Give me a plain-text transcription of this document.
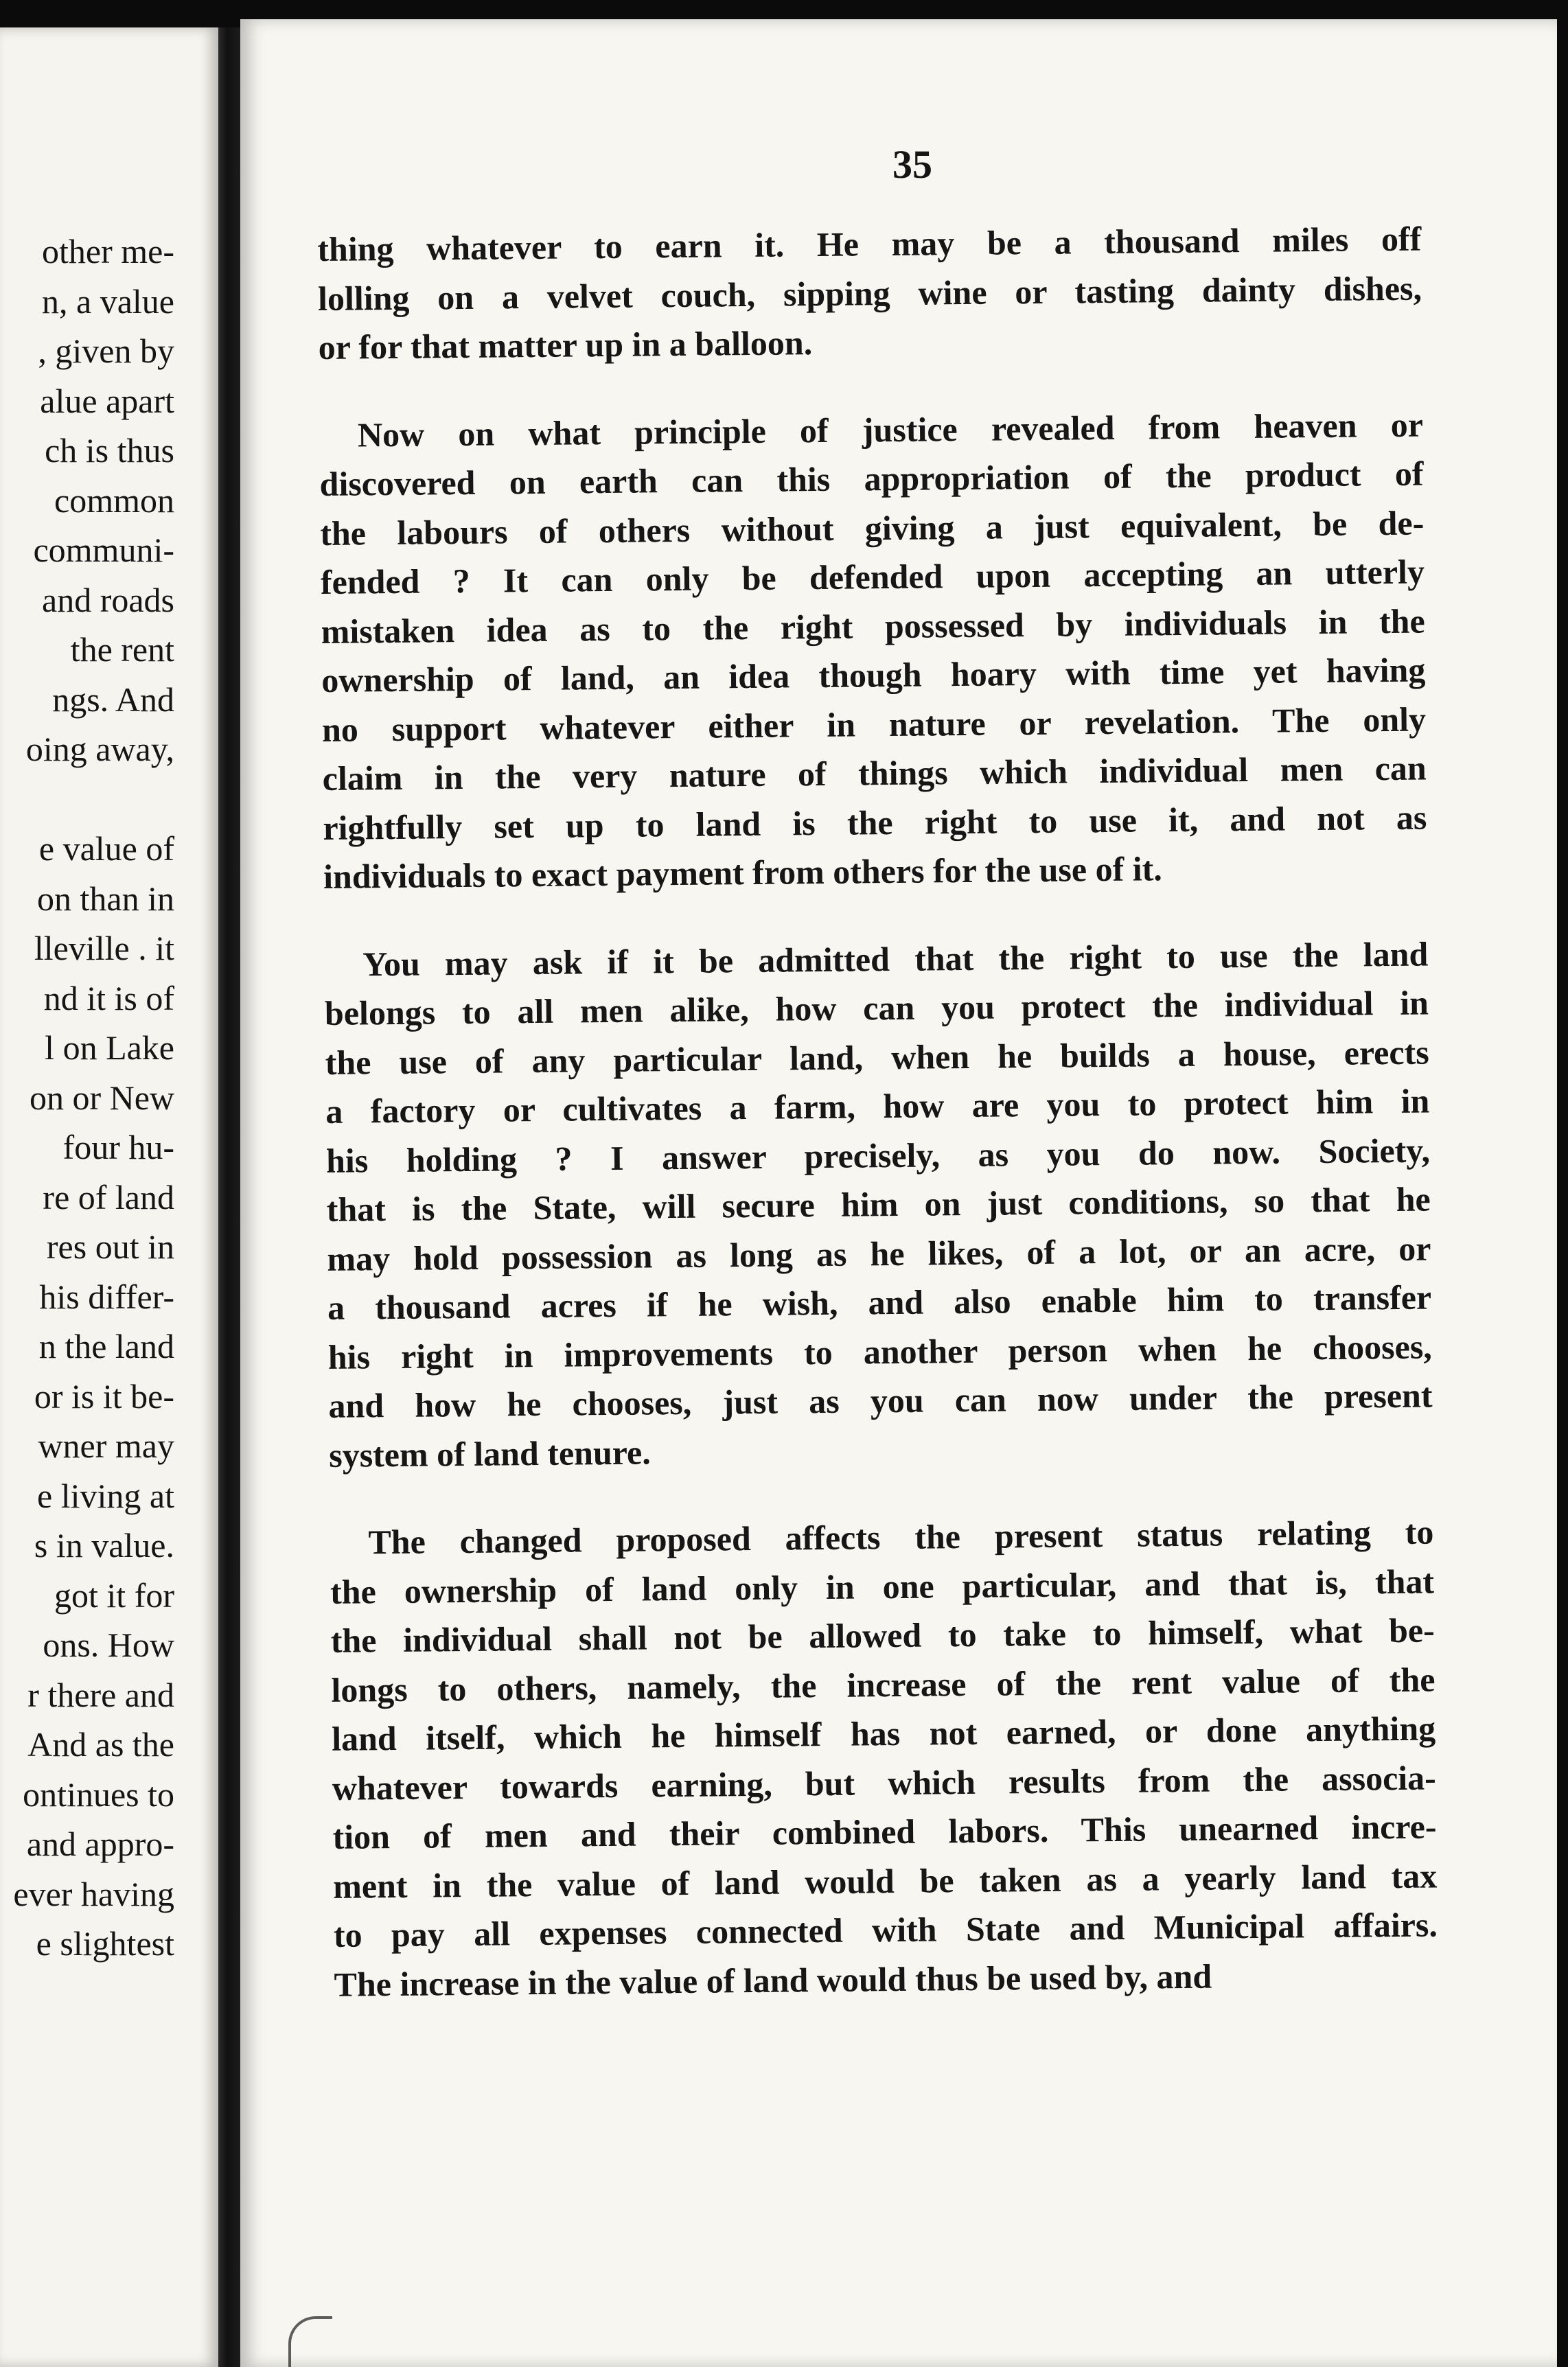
other me-
n, a value
, given by
alue apart
ch is thus
common
communi-
and roads
the rent
ngs. And
oing away,
e value of
on than in
lleville . it
nd it is of
l on Lake
on or New
four hu-
re of land
res out in
his differ-
n the land
or is it be-
wner may
e living at
s in value.
got it for
ons. How
r there and
And as the
ontinues to
and appro-
ever having
e slightest
35
thing whatever to earn it. He may be a thousand miles off
lolling on a velvet couch, sipping wine or tasting dainty dishes,
or for that matter up in a balloon.
Now on what principle of justice revealed from heaven or
discovered on earth can this appropriation of the product of
the labours of others without giving a just equivalent, be de-
fended ? It can only be defended upon accepting an utterly
mistaken idea as to the right possessed by individuals in the
ownership of land, an idea though hoary with time yet having
no support whatever either in nature or revelation. The only
claim in the very nature of things which individual men can
rightfully set up to land is the right to use it, and not as
individuals to exact payment from others for the use of it.
You may ask if it be admitted that the right to use the land
belongs to all men alike, how can you protect the individual in
the use of any particular land, when he builds a house, erects
a factory or cultivates a farm, how are you to protect him in
his holding ? I answer precisely, as you do now. Society,
that is the State, will secure him on just conditions, so that he
may hold possession as long as he likes, of a lot, or an acre, or
a thousand acres if he wish, and also enable him to transfer
his right in improvements to another person when he chooses,
and how he chooses, just as you can now under the present
system of land tenure.
The changed proposed affects the present status relating to
the ownership of land only in one particular, and that is, that
the individual shall not be allowed to take to himself, what be-
longs to others, namely, the increase of the rent value of the
land itself, which he himself has not earned, or done anything
whatever towards earning, but which results from the associa-
tion of men and their combined labors. This unearned incre-
ment in the value of land would be taken as a yearly land tax
to pay all expenses connected with State and Municipal affairs.
The increase in the value of land would thus be used by, and
